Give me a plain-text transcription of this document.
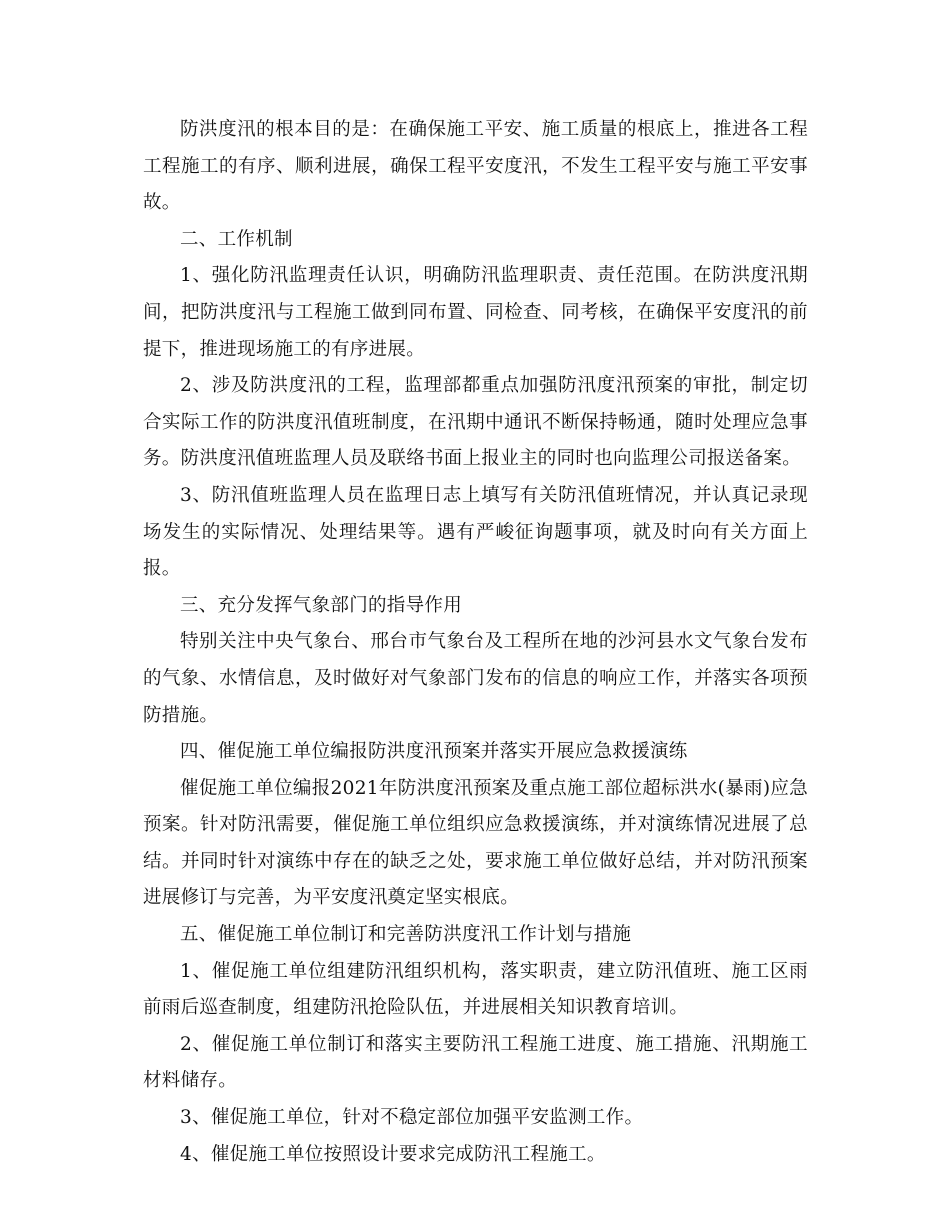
防洪度汛的根本目的是：在确保施工平安、施工质量的根底上，推进各工程工程施工的有序、顺利进展，确保工程平安度汛，不发生工程平安与施工平安事故。

二、工作机制

1、强化防汛监理责任认识，明确防汛监理职责、责任范围。在防洪度汛期间，把防洪度汛与工程施工做到同布置、同检查、同考核，在确保平安度汛的前提下，推进现场施工的有序进展。

2、涉及防洪度汛的工程，监理部都重点加强防汛度汛预案的审批，制定切合实际工作的防洪度汛值班制度，在汛期中通讯不断保持畅通，随时处理应急事务。防洪度汛值班监理人员及联络书面上报业主的同时也向监理公司报送备案。

3、防汛值班监理人员在监理日志上填写有关防汛值班情况，并认真记录现场发生的实际情况、处理结果等。遇有严峻征询题事项，就及时向有关方面上报。

三、充分发挥气象部门的指导作用

特别关注中央气象台、邢台市气象台及工程所在地的沙河县水文气象台发布的气象、水情信息，及时做好对气象部门发布的信息的响应工作，并落实各项预防措施。

四、催促施工单位编报防洪度汛预案并落实开展应急救援演练

催促施工单位编报2021年防洪度汛预案及重点施工部位超标洪水(暴雨)应急预案。针对防汛需要，催促施工单位组织应急救援演练，并对演练情况进展了总结。并同时针对演练中存在的缺乏之处，要求施工单位做好总结，并对防汛预案进展修订与完善，为平安度汛奠定坚实根底。

五、催促施工单位制订和完善防洪度汛工作计划与措施

1、催促施工单位组建防汛组织机构，落实职责，建立防汛值班、施工区雨前雨后巡查制度，组建防汛抢险队伍，并进展相关知识教育培训。

2、催促施工单位制订和落实主要防汛工程施工进度、施工措施、汛期施工材料储存。

3、催促施工单位，针对不稳定部位加强平安监测工作。

4、催促施工单位按照设计要求完成防汛工程施工。
